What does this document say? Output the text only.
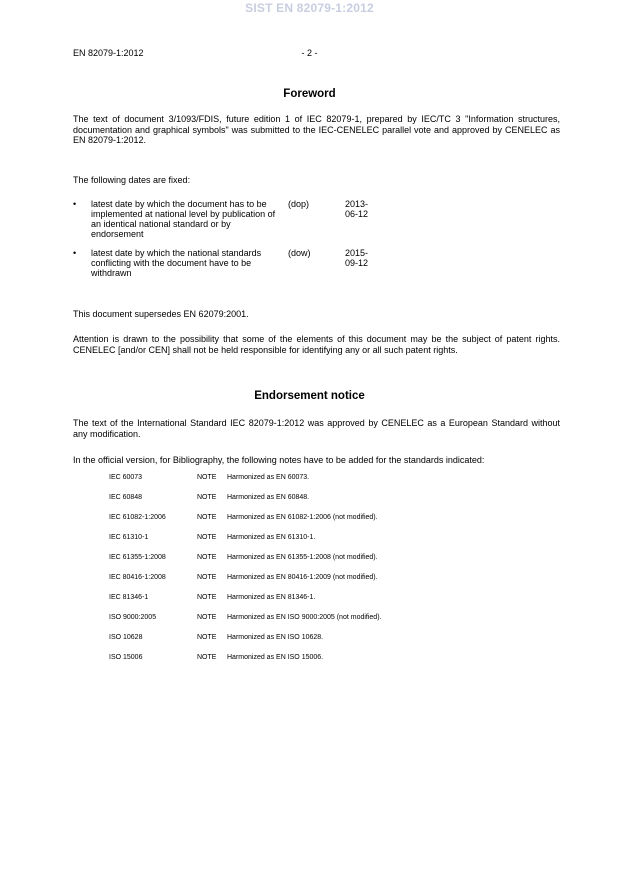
SIST EN 82079-1:2012
EN 82079-1:2012	- 2 -
Foreword
The text of document 3/1093/FDIS, future edition 1 of IEC 82079-1, prepared by IEC/TC 3 "Information structures, documentation and graphical symbols" was submitted to the IEC-CENELEC parallel vote and approved by CENELEC as EN 82079-1:2012.
The following dates are fixed:
• latest date by which the document has to be implemented at national level by publication of an identical national standard or by endorsement
(dop)	2013-06-12
• latest date by which the national standards conflicting with the document have to be withdrawn
(dow)	2015-09-12
This document supersedes EN 62079:2001.
Attention is drawn to the possibility that some of the elements of this document may be the subject of patent rights. CENELEC [and/or CEN] shall not be held responsible for identifying any or all such patent rights.
Endorsement notice
The text of the International Standard IEC 82079-1:2012 was approved by CENELEC as a European Standard without any modification.
In the official version, for Bibliography, the following notes have to be added for the standards indicated:
IEC 60073	NOTE Harmonized as EN 60073.
IEC 60848	NOTE Harmonized as EN 60848.
IEC 61082-1:2006	NOTE Harmonized as EN 61082-1:2006 (not modified).
IEC 61310-1	NOTE Harmonized as EN 61310-1.
IEC 61355-1:2008	NOTE Harmonized as EN 61355-1:2008 (not modified).
IEC 80416-1:2008	NOTE Harmonized as EN 80416-1:2009 (not modified).
IEC 81346-1	NOTE Harmonized as EN 81346-1.
ISO 9000:2005	NOTE Harmonized as EN ISO 9000:2005 (not modified).
ISO 10628	NOTE Harmonized as EN ISO 10628.
ISO 15006	NOTE Harmonized as EN ISO 15006.
